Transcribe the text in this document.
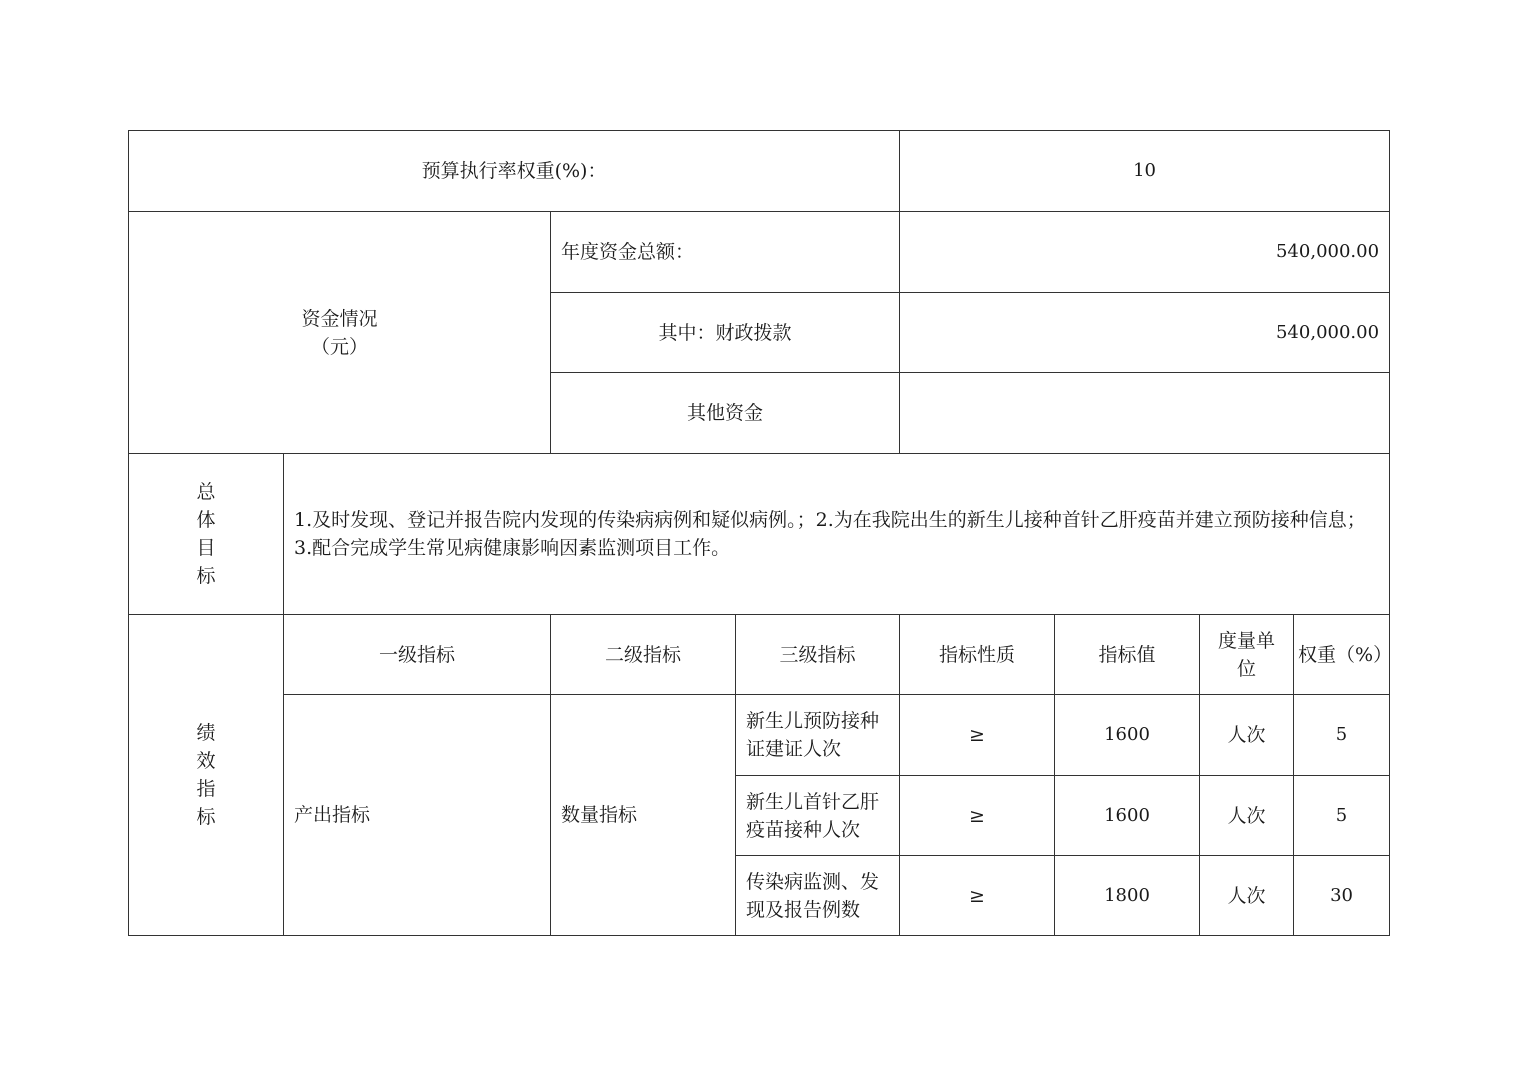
预算执行率权重(%)：				10			

资金情况
（元）		年度资金总额：		540,000.00			
		其中：财政拨款		540,000.00			
		其他资金					

总
体
目
标	1.及时发现、登记并报告院内发现的传染病病例和疑似病例。；2.为在我院出生的新生儿接种首针乙肝疫苗并建立预防接种信息； 3.配合完成学生常见病健康影响因素监测项目工作。						

绩
效
指
标	一级指标	二级指标	三级指标	指标性质	指标值	度量单位	权重（%）
	产出指标	数量指标	新生儿预防接种证建证人次	≥	1600	人次	5
			新生儿首针乙肝疫苗接种人次	≥	1600	人次	5
			传染病监测、发现及报告例数	≥	1800	人次	30
